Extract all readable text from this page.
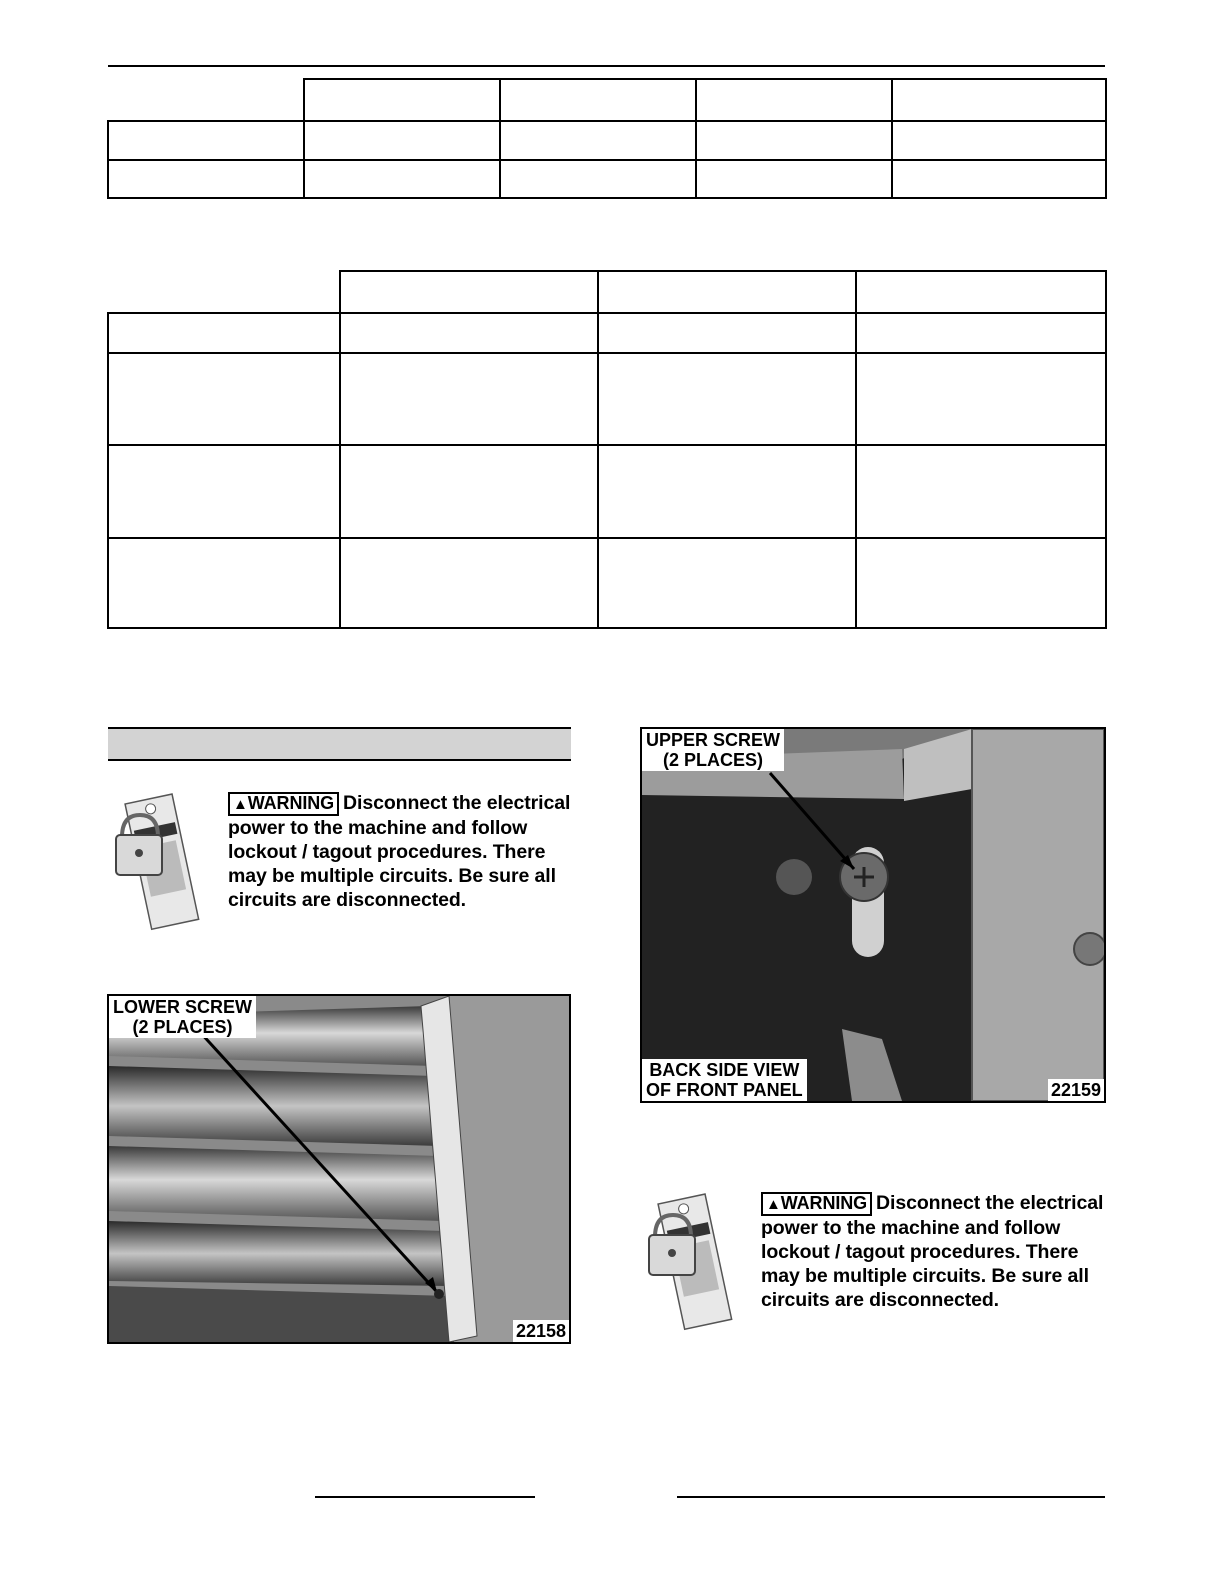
▲WARNING Disconnect the electrical power to the machine and follow lockout / tagout procedures. There may be multiple circuits. Be sure all circuits are disconnected.
LOWER SCREW
(2 PLACES)
22158
UPPER SCREW
(2 PLACES)
BACK SIDE VIEW
OF FRONT PANEL	22159
▲WARNING Disconnect the electrical power to the machine and follow lockout / tagout procedures. There may be multiple circuits. Be sure all circuits are disconnected.
